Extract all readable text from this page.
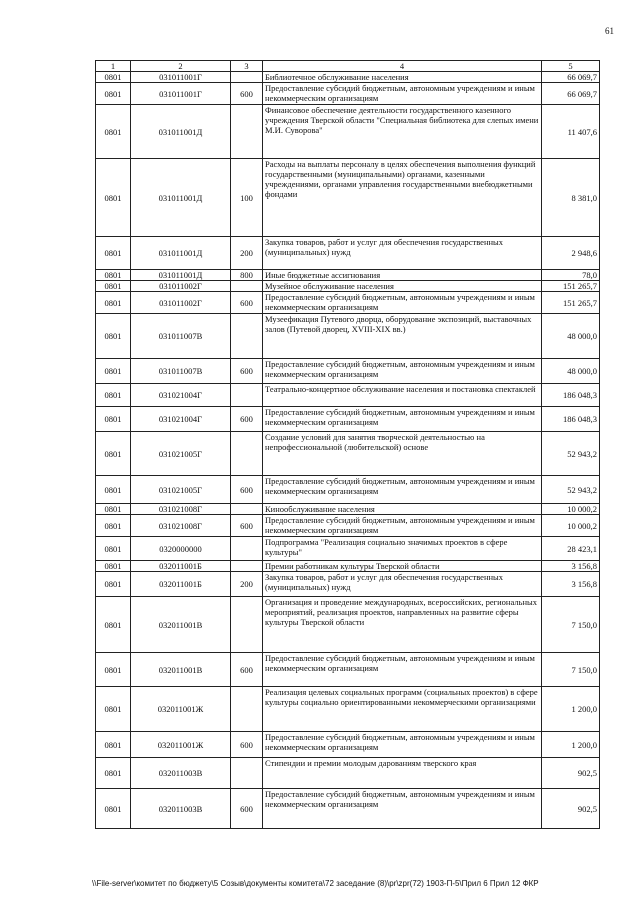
61
1	2	3	4	5
0801	031011001Г		Библиотечное обслуживание населения	66 069,7
0801	031011001Г	600	Предоставление субсидий бюджетным, автономным учреждениям и иным некоммерческим организациям	66 069,7
0801	031011001Д		Финансовое обеспечение деятельности государственного казенного учреждения Тверской области "Специальная библиотека для слепых имени М.И. Суворова"	11 407,6
0801	031011001Д	100	Расходы на выплаты персоналу в целях обеспечения выполнения функций государственными (муниципальными) органами, казенными учреждениями, органами управления государственными внебюджетными фондами	8 381,0
0801	031011001Д	200	Закупка товаров, работ и услуг для обеспечения государственных (муниципальных) нужд	2 948,6
0801	031011001Д	800	Иные бюджетные ассигнования	78,0
0801	031011002Г		Музейное обслуживание населения	151 265,7
0801	031011002Г	600	Предоставление субсидий бюджетным, автономным учреждениям и иным некоммерческим организациям	151 265,7
0801	031011007В		Музеефикация Путевого дворца, оборудование экспозиций, выставочных залов (Путевой дворец, XVIII-XIX вв.)	48 000,0
0801	031011007В	600	Предоставление субсидий бюджетным, автономным учреждениям и иным некоммерческим организациям	48 000,0
0801	031021004Г		Театрально-концертное обслуживание населения и постановка спектаклей	186 048,3
0801	031021004Г	600	Предоставление субсидий бюджетным, автономным учреждениям и иным некоммерческим организациям	186 048,3
0801	031021005Г		Создание условий для занятия творческой деятельностью на непрофессиональной (любительской) основе	52 943,2
0801	031021005Г	600	Предоставление субсидий бюджетным, автономным учреждениям и иным некоммерческим организациям	52 943,2
0801	031021008Г		Кинообслуживание населения	10 000,2
0801	031021008Г	600	Предоставление субсидий бюджетным, автономным учреждениям и иным некоммерческим организациям	10 000,2
0801	0320000000		Подпрограмма "Реализация социально значимых проектов в сфере культуры"	28 423,1
0801	032011001Б		Премии работникам культуры Тверской области	3 156,8
0801	032011001Б	200	Закупка товаров, работ и услуг для обеспечения государственных (муниципальных) нужд	3 156,8
0801	032011001В		Организация и проведение международных, всероссийских, региональных мероприятий, реализация проектов, направленных на развитие сферы культуры Тверской области	7 150,0
0801	032011001В	600	Предоставление субсидий бюджетным, автономным учреждениям и иным некоммерческим организациям	7 150,0
0801	032011001Ж		Реализация целевых социальных программ (социальных проектов) в сфере культуры социально ориентированными некоммерческими организациями	1 200,0
0801	032011001Ж	600	Предоставление субсидий бюджетным, автономным учреждениям и иным некоммерческим организациям	1 200,0
0801	032011003В		Стипендии и премии молодым дарованиям тверского края	902,5
0801	032011003В	600	Предоставление субсидий бюджетным, автономным учреждениям и иным некоммерческим организациям	902,5
\\File-server\комитет по бюджету\5 Созыв\документы комитета\72 заседание (8)\pr\zpr(72) 1903-П-5\Прил 6 Прил 12 ФКР
